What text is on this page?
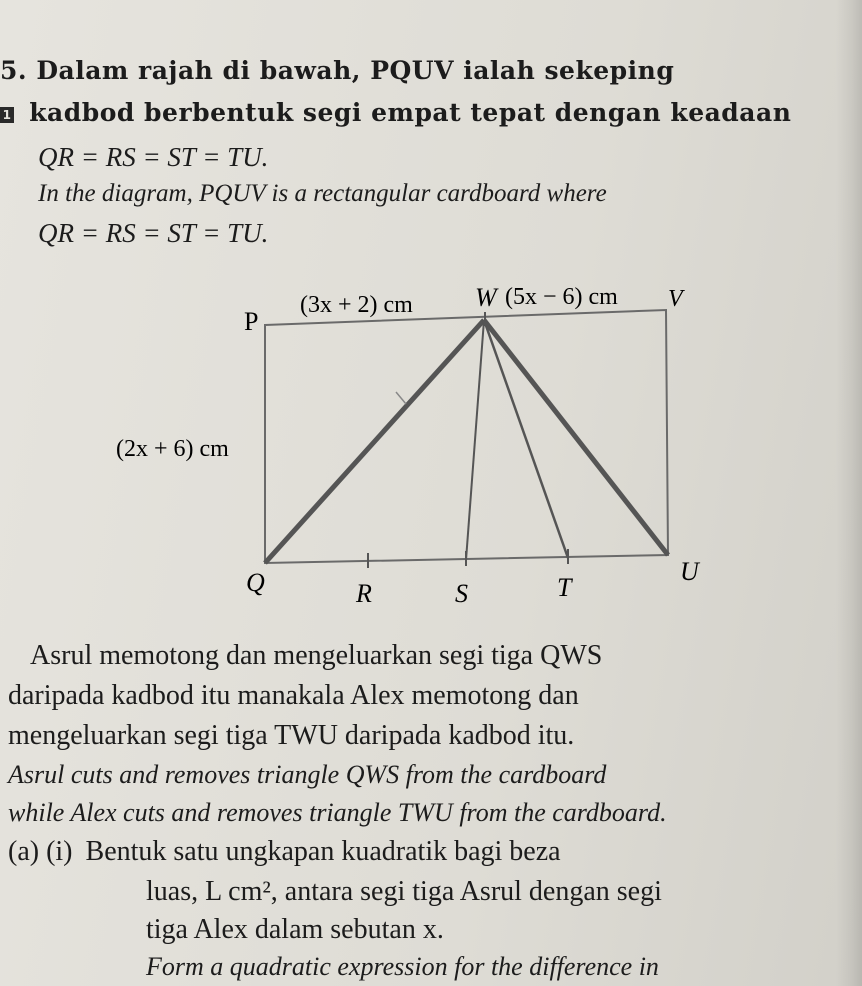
5. Dalam rajah di bawah, PQUV ialah sekeping
1 kadbod berbentuk segi empat tepat dengan keadaan
QR = RS = ST = TU.
In the diagram, PQUV is a rectangular cardboard where
QR = RS = ST = TU.
P
(3x + 2) cm W (5x − 6) cm V
(2x + 6) cm
Q	R	S	T
U
Asrul memotong dan mengeluarkan segi tiga QWS
daripada kadbod itu manakala Alex memotong dan
mengeluarkan segi tiga TWU daripada kadbod itu.
Asrul cuts and removes triangle QWS from the cardboard
while Alex cuts and removes triangle TWU from the cardboard.
(a) (i) Bentuk satu ungkapan kuadratik bagi beza
luas, L cm², antara segi tiga Asrul dengan segi
tiga Alex dalam sebutan x.
Form a quadratic expression for the difference in
